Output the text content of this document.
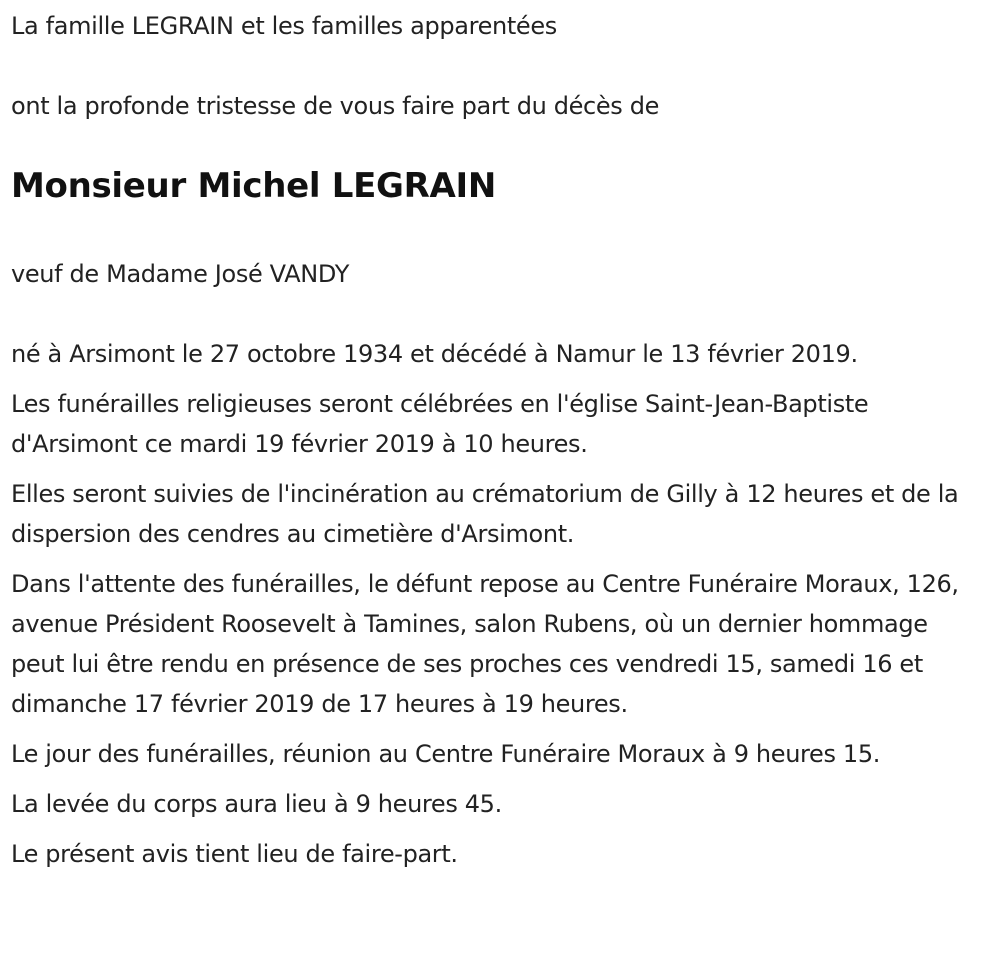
La famille LEGRAIN et les familles apparentées

ont la profonde tristesse de vous faire part du décès de

Monsieur Michel LEGRAIN

veuf de Madame José VANDY

né à Arsimont le 27 octobre 1934 et décédé à Namur le 13 février 2019.

Les funérailles religieuses seront célébrées en l'église Saint-Jean-Baptiste d'Arsimont ce mardi 19 février 2019 à 10 heures.

Elles seront suivies de l'incinération au crématorium de Gilly à 12 heures et de la dispersion des cendres au cimetière d'Arsimont.

Dans l'attente des funérailles, le défunt repose au Centre Funéraire Moraux, 126, avenue Président Roosevelt à Tamines, salon Rubens, où un dernier hommage peut lui être rendu en présence de ses proches ces vendredi 15, samedi 16 et dimanche 17 février 2019 de 17 heures à 19 heures.

Le jour des funérailles, réunion au Centre Funéraire Moraux à 9 heures 15.

La levée du corps aura lieu à 9 heures 45.

Le présent avis tient lieu de faire-part.
